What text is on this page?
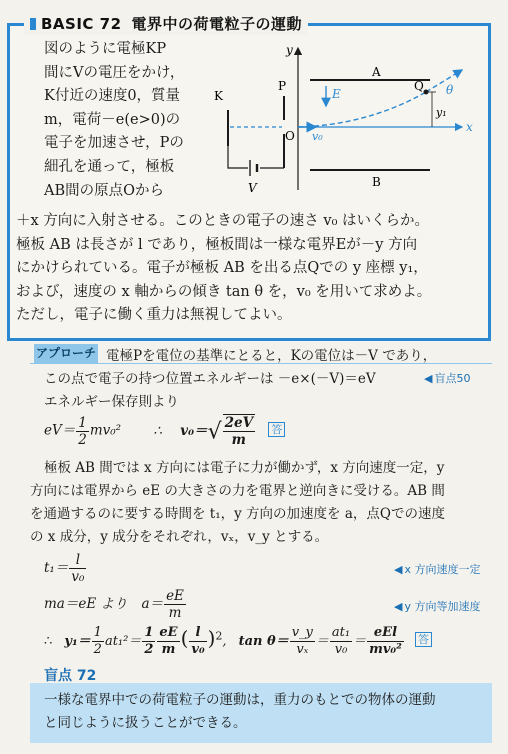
BASIC 72 電界中の荷電粒子の運動
図のように電極KP
間にVの電圧をかけ，
K付近の速度0，質量
m，電荷－e(e>0)の
電子を加速させ，Pの
細孔を通って，極板
AB間の原点Oから
y
x
A
B
P
K
V
O v₀
E
Q θ
y₁
＋x 方向に入射させる。このときの電子の速さ v₀ はいくらか。
極板 AB は長さが l であり，極板間は一様な電界Eが－y 方向
にかけられている。電子が極板 AB を出る点Qでの y 座標 y₁，
および，速度の x 軸からの傾き tan θ を，v₀ を用いて求めよ。
ただし，電子に働く重力は無視してよい。
アプローチ 電極Pを電位の基準にとると，Kの電位は－V であり，
この点で電子の持つ位置エネルギーは －e×(－V)＝eV	◀ 盲点50
エネルギー保存則より
$eV= \frac{1}{2} mv_0^2$ ∴ $v_0=√ \frac{2eV}{m}$ 答
極板 AB 間では x 方向には電子に力が働かず，x 方向速度一定，y
方向には電界から eE の大きさの力を電界と逆向きに受ける。AB 間
を通過するのに要する時間を t₁，y 方向の加速度を a，点Qでの速度
の x 成分，y 成分をそれぞれ，vₓ，v_y とする。
$t_1= \frac{l}{\text{v₀}}$	◀ x 方向速度一定
ma＝eE より $a= \frac{eE}{m}$	◀ y 方向等加速度
∴ $y_1= \frac{1}{2} at_1^2= \frac{1}{2} \frac{eE}{m}$ ( $\frac{l}{\text{v₀}} )^2$, $\tan \theta= \frac{v\_y}{\text{vₓ}} = \frac{\text{at₁}}{\text{v₀}} = \frac{\text{eEl}}{\text{mv₀²}}$ 答
盲点 72
一様な電界中での荷電粒子の運動は，重力のもとでの物体の運動
と同じように扱うことができる。
